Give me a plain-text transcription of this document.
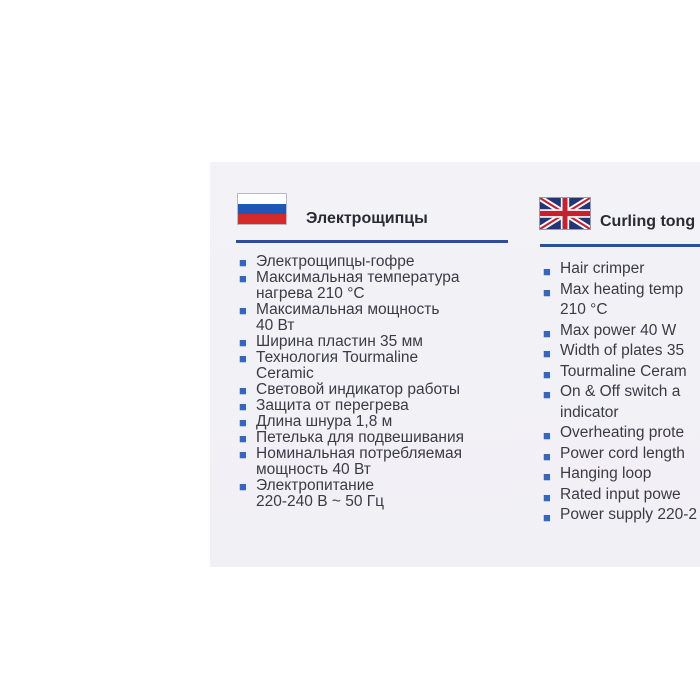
Электрощипцы
■ Электрощипцы-гофре
■ Максимальная температура
нагрева 210 °С
■ Максимальная мощность
40 Вт
■ Ширина пластин 35 мм
■ Технология Tourmaline
Ceramic
■ Световой индикатор работы
■ Защита от перегрева
■ Длина шнура 1,8 м
■ Петелька для подвешивания
■ Номинальная потребляемая
мощность 40 Вт
■ Электропитание
220-240 В ~ 50 Гц
Curling tong
■ Hair crimper
■ Max heating temp
210 °C
■ Max power 40 W
■ Width of plates 35
■ Tourmaline Ceram
■ On & Off switch a
indicator
■ Overheating prote
■ Power cord length
■ Hanging loop
■ Rated input powe
■ Power supply 220-2
